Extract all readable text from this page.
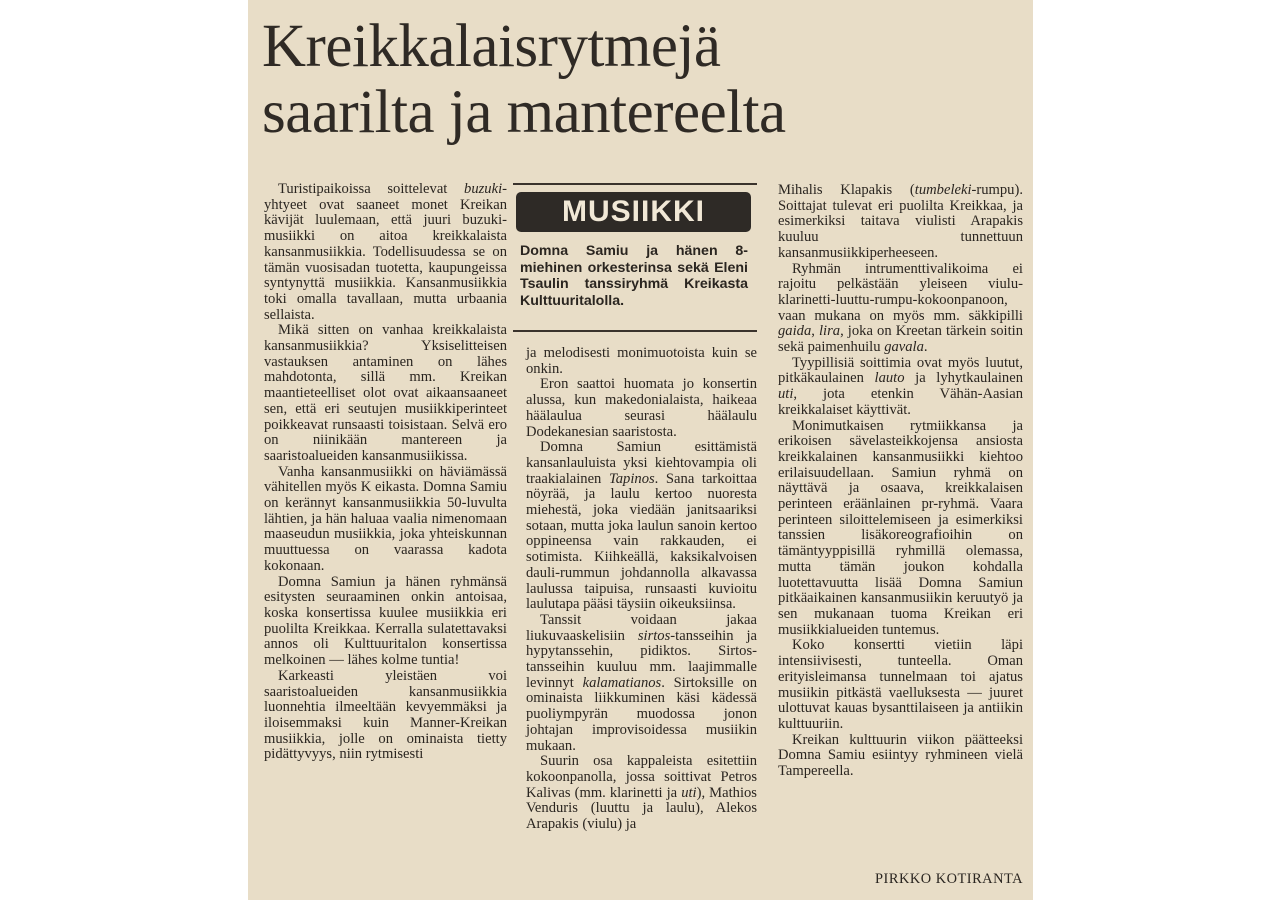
Kreikkalaisrytmejä
saarilta ja mantereelta

Turistipaikoissa soittelevat buzuki-yhtyeet ovat saaneet monet Kreikan kävijät luulemaan, että juuri buzuki-musiikki on aitoa kreikkalaista kansanmusiikkia. Todellisuudessa se on tämän vuosisadan tuotetta, kaupungeissa syntynyttä musiikkia. Kansanmusiikkia toki omalla tavallaan, mutta urbaania sellaista.

Mikä sitten on vanhaa kreikkalaista kansanmusiikkia? Yksiselitteisen vastauksen antaminen on lähes mahdotonta, sillä mm. Kreikan maantieteelliset olot ovat aikaansaaneet sen, että eri seutujen musiikkiperinteet poikkeavat runsaasti toisistaan. Selvä ero on niinikään mantereen ja saaristoalueiden kansanmusiikissa.

Vanha kansanmusiikki on häviämässä vähitellen myös K eikasta. Domna Samiu on kerännyt kansanmusiikkia 50-luvulta lähtien, ja hän haluaa vaalia nimenomaan maaseudun musiikkia, joka yhteiskunnan muuttuessa on vaarassa kadota kokonaan.

Domna Samiun ja hänen ryhmänsä esitysten seuraaminen onkin antoisaa, koska konsertissa kuulee musiikkia eri puolilta Kreikkaa. Kerralla sulatettavaksi annos oli Kulttuuritalon konsertissa melkoinen — lähes kolme tuntia!

Karkeasti yleistäen voi saaristoalueiden kansanmusiikkia luonnehtia ilmeeltään kevyemmäksi ja iloisemmaksi kuin Manner-Kreikan musiikkia, jolle on ominaista tietty pidättyvyys, niin rytmisesti

MUSIIKKI
Domna Samiu ja hänen 8-miehinen orkesterinsa sekä Eleni Tsaulin tanssiryhmä Kreikasta Kulttuuritalolla.

ja melodisesti monimuotoista kuin se onkin.

Eron saattoi huomata jo konsertin alussa, kun makedonialaista, haikeaa häälaulua seurasi häälaulu Dodekanesian saaristosta.

Domna Samiun esittämistä kansanlauluista yksi kiehtovampia oli traakialainen Tapinos. Sana tarkoittaa nöyrää, ja laulu kertoo nuoresta miehestä, joka viedään janitsaariksi sotaan, mutta joka laulun sanoin kertoo oppineensa vain rakkauden, ei sotimista. Kiihkeällä, kaksikalvoisen dauli-rummun johdannolla alkavassa laulussa taipuisa, runsaasti kuvioitu laulutapa pääsi täysiin oikeuksiinsa.

Tanssit voidaan jakaa liukuvaaskelisiin sirtos-tansseihin ja hypytanssehin, pidiktos. Sirtos-tansseihin kuuluu mm. laajimmalle levinnyt kalamatianos. Sirtoksille on ominaista liikkuminen käsi kädessä puoliympyrän muodossa jonon johtajan improvisoidessa musiikin mukaan.

Suurin osa kappaleista esitettiin kokoonpanolla, jossa soittivat Petros Kalivas (mm. klarinetti ja uti), Mathios Venduris (luuttu ja laulu), Alekos Arapakis (viulu) ja

Mihalis Klapakis (tumbeleki-rumpu). Soittajat tulevat eri puolilta Kreikkaa, ja esimerkiksi taitava viulisti Arapakis kuuluu tunnettuun kansanmusiikkiperheeseen.

Ryhmän intrumenttivalikoima ei rajoitu pelkästään yleiseen viulu-klarinetti-luuttu-rumpu-kokoonpanoon, vaan mukana on myös mm. säkkipilli gaida, lira, joka on Kreetan tärkein soitin sekä paimenhuilu gavala.

Tyypillisiä soittimia ovat myös luutut, pitkäkaulainen lauto ja lyhytkaulainen uti, jota etenkin Vähän-Aasian kreikkalaiset käyttivät.

Monimutkaisen rytmiikkansa ja erikoisen sävelasteikkojensa ansiosta kreikkalainen kansanmusiikki kiehtoo erilaisuudellaan. Samiun ryhmä on näyttävä ja osaava, kreikkalaisen perinteen eräänlainen pr-ryhmä. Vaara perinteen siloittelemiseen ja esimerkiksi tanssien lisäkoreografioihin on tämäntyyppisillä ryhmillä olemassa, mutta tämän joukon kohdalla luotettavuutta lisää Domna Samiun pitkäaikainen kansanmusiikin keruutyö ja sen mukanaan tuoma Kreikan eri musiikkialueiden tuntemus.

Koko konsertti vietiin läpi intensiivisesti, tunteella. Oman erityisleimansa tunnelmaan toi ajatus musiikin pitkästä vaelluksesta — juuret ulottuvat kauas bysanttilaiseen ja antiikin kulttuuriin.

Kreikan kulttuurin viikon päätteeksi Domna Samiu esiintyy ryhmineen vielä Tampereella.

PIRKKO KOTIRANTA
